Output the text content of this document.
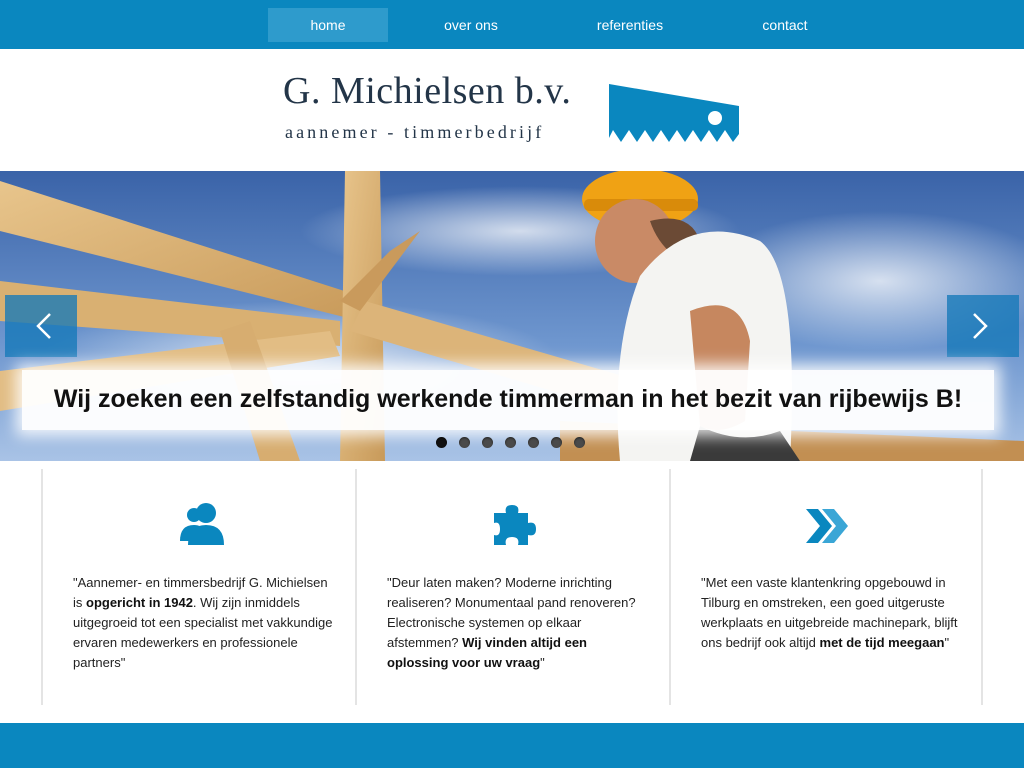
home	over ons	referenties	contact
G. Michielsen b.v.
aannemer - timmerbedrijf
Wij zoeken een zelfstandig werkende timmerman in het bezit van rijbewijs B!

"Aannemer- en timmersbedrijf G. Michielsen is opgericht in 1942. Wij zijn inmiddels uitgegroeid tot een specialist met vakkundige ervaren medewerkers en professionele partners"

"Deur laten maken? Moderne inrichting realiseren? Monumentaal pand renoveren? Electronische systemen op elkaar afstemmen? Wij vinden altijd een oplossing voor uw vraag"

"Met een vaste klantenkring opgebouwd in Tilburg en omstreken, een goed uitgeruste werkplaats en uitgebreide machinepark, blijft ons bedrijf ook altijd met de tijd meegaan"
